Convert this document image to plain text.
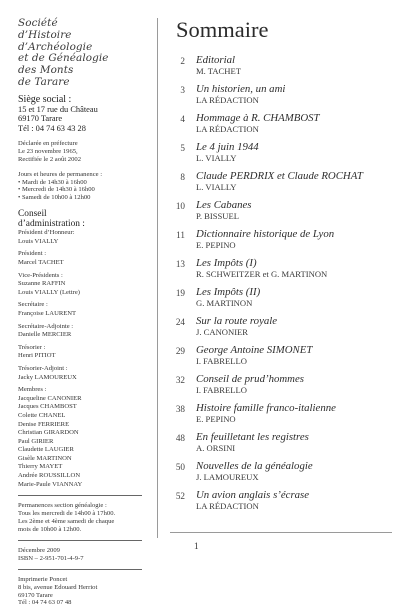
Société
d’Histoire
d’Archéologie
et de Généalogie
des Monts
de Tarare
Siège social :
15 et 17 rue du Château
69170 Tarare
Tél : 04 74 63 43 28
Déclarée en préfecture
Le 23 novembre 1965,
Rectifiée le 2 août 2002
Jours et heures de permanence :
• Mardi de 14h30 à 16h00
• Mercredi de 14h30 à 16h00
• Samedi de 10h00 à 12h00
Conseil
d’administration :
Président d’Honneur:
Louis VIALLY
Président :
Marcel TACHET
Vice-Présidents :
Suzanne RAFFIN
Louis VIALLY (Lettre)
Secrétaire :
Françoise LAURENT
Secrétaire-Adjointe :
Danielle MERCIER
Trésorier :
Henri PITIOT
Trésorier-Adjoint :
Jacky LAMOUREUX
Membres :
Jacqueline CANONIER
Jacques CHAMBOST
Colette CHANEL
Denise FERRIERE
Christian GIRARDON
Paul GIRIER
Claudette LAUGIER
Gisèle MARTINON
Thierry MAYET
Andrée ROUSSILLON
Marie-Paule VIANNAY
Permanences section généalogie :
Tous les mercredi de 14h00 à 17h00.
Les 2ème et 4ème samedi de chaque
mois de 10h00 à 12h00.
Décembre 2009
ISBN – 2-951-701-4-9-7
Imprimerie Poncet
8 bis, avenue Edouard Herriot
69170 Tarare
Tél : 04 74 63 07 48
Sommaire
2 Editorial
M. TACHET
3 Un historien, un ami
LA RÉDACTION
4 Hommage à R. CHAMBOST
LA RÉDACTION
5 Le 4 juin 1944
L. VIALLY
8 Claude PERDRIX et Claude ROCHAT
L. VIALLY
10 Les Cabanes
P. BISSUEL
11 Dictionnaire historique de Lyon
E. PEPINO
13 Les Impôts (I)
R. SCHWEITZER et G. MARTINON
19 Les Impôts (II)
G. MARTINON
24 Sur la route royale
J. CANONIER
29 George Antoine SIMONET
I. FABRELLO
32 Conseil de prud’hommes
I. FABRELLO
38 Histoire famille franco-italienne
E. PEPINO
48 En feuilletant les registres
A. ORSINI
50 Nouvelles de la généalogie
J. LAMOUREUX
52 Un avion anglais s’écrase
LA RÉDACTION
1
